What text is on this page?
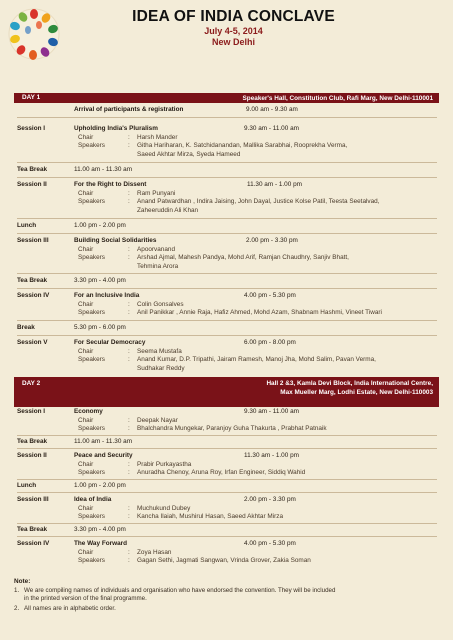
IDEA OF INDIA CONCLAVE
July 4-5, 2014
New Delhi
DAY 1	Speaker's Hall, Constitution Club, Rafi Marg, New Delhi-110001
Arrival of participants & registration	9.00 am - 9.30 am
Session I	Upholding India's Pluralism	9.30 am - 11.00 am
Chair	: Harsh Mander
Speakers	: Githa Hariharan, K. Satchidanandan, Mallika Sarabhai, Rooprekha Verma,
Saeed Akhtar Mirza, Syeda Hameed
Tea Break	11.00 am - 11.30 am
Session II	For the Right to Dissent	11.30 am - 1.00 pm
Chair	: Ram Punyani
Speakers	: Anand Patwardhan , Indira Jaising, John Dayal, Justice Kolse Patil, Teesta Seetalvad,
Zaheeruddin Ali Khan
Lunch	1.00 pm - 2.00 pm
Session III	Building Social Solidarities	2.00 pm - 3.30 pm
Chair	: Apoorvanand
Speakers	: Arshad Ajmal, Mahesh Pandya, Mohd Arif, Ramjan Chaudhry, Sanjiv Bhatt,
Tehmina Arora
Tea Break	3.30 pm - 4.00 pm
Session IV	For an Inclusive India	4.00 pm - 5.30 pm
Chair	: Colin Gonsalves
Speakers	: Anil Panikkar , Annie Raja, Hafiz Ahmed, Mohd Azam, Shabnam Hashmi, Vineet Tiwari
Break	5.30 pm - 6.00 pm
Session V	For Secular Democracy	6.00 pm - 8.00 pm
Chair	: Seema Mustafa
Speakers	: Anand Kumar, D.P. Tripathi, Jairam Ramesh, Manoj Jha, Mohd Salim, Pavan Verma,
Sudhakar Reddy
DAY 2	Hall 2 &3, Kamla Devi Block, India International Centre,
Max Mueller Marg, Lodhi Estate, New Delhi-110003
Session I	Economy	9.30 am - 11.00 am
Chair	: Deepak Nayar
Speakers	: Bhalchandra Mungekar, Paranjoy Guha Thakurta , Prabhat Patnaik
Tea Break	11.00 am - 11.30 am
Session II	Peace and Security	11.30 am - 1.00 pm
Chair	: Prabir Purkayastha
Speakers	: Anuradha Chenoy, Aruna Roy, Irfan Engineer, Siddiq Wahid
Lunch	1.00 pm - 2.00 pm
Session III	Idea of India	2.00 pm - 3.30 pm
Chair	: Muchukund Dubey
Speakers	: Kancha Ilaiah, Mushirul Hasan, Saeed Akhtar Mirza
Tea Break	3.30 pm - 4.00 pm
Session IV	The Way Forward	4.00 pm - 5.30 pm
Chair	: Zoya Hasan
Speakers	: Gagan Sethi, Jagmati Sangwan, Vrinda Grover, Zakia Soman
Note:
1. We are compiling names of individuals and organisation who have endorsed the convention. They will be included
in the printed version of the final programme.
2. All names are in alphabetic order.
